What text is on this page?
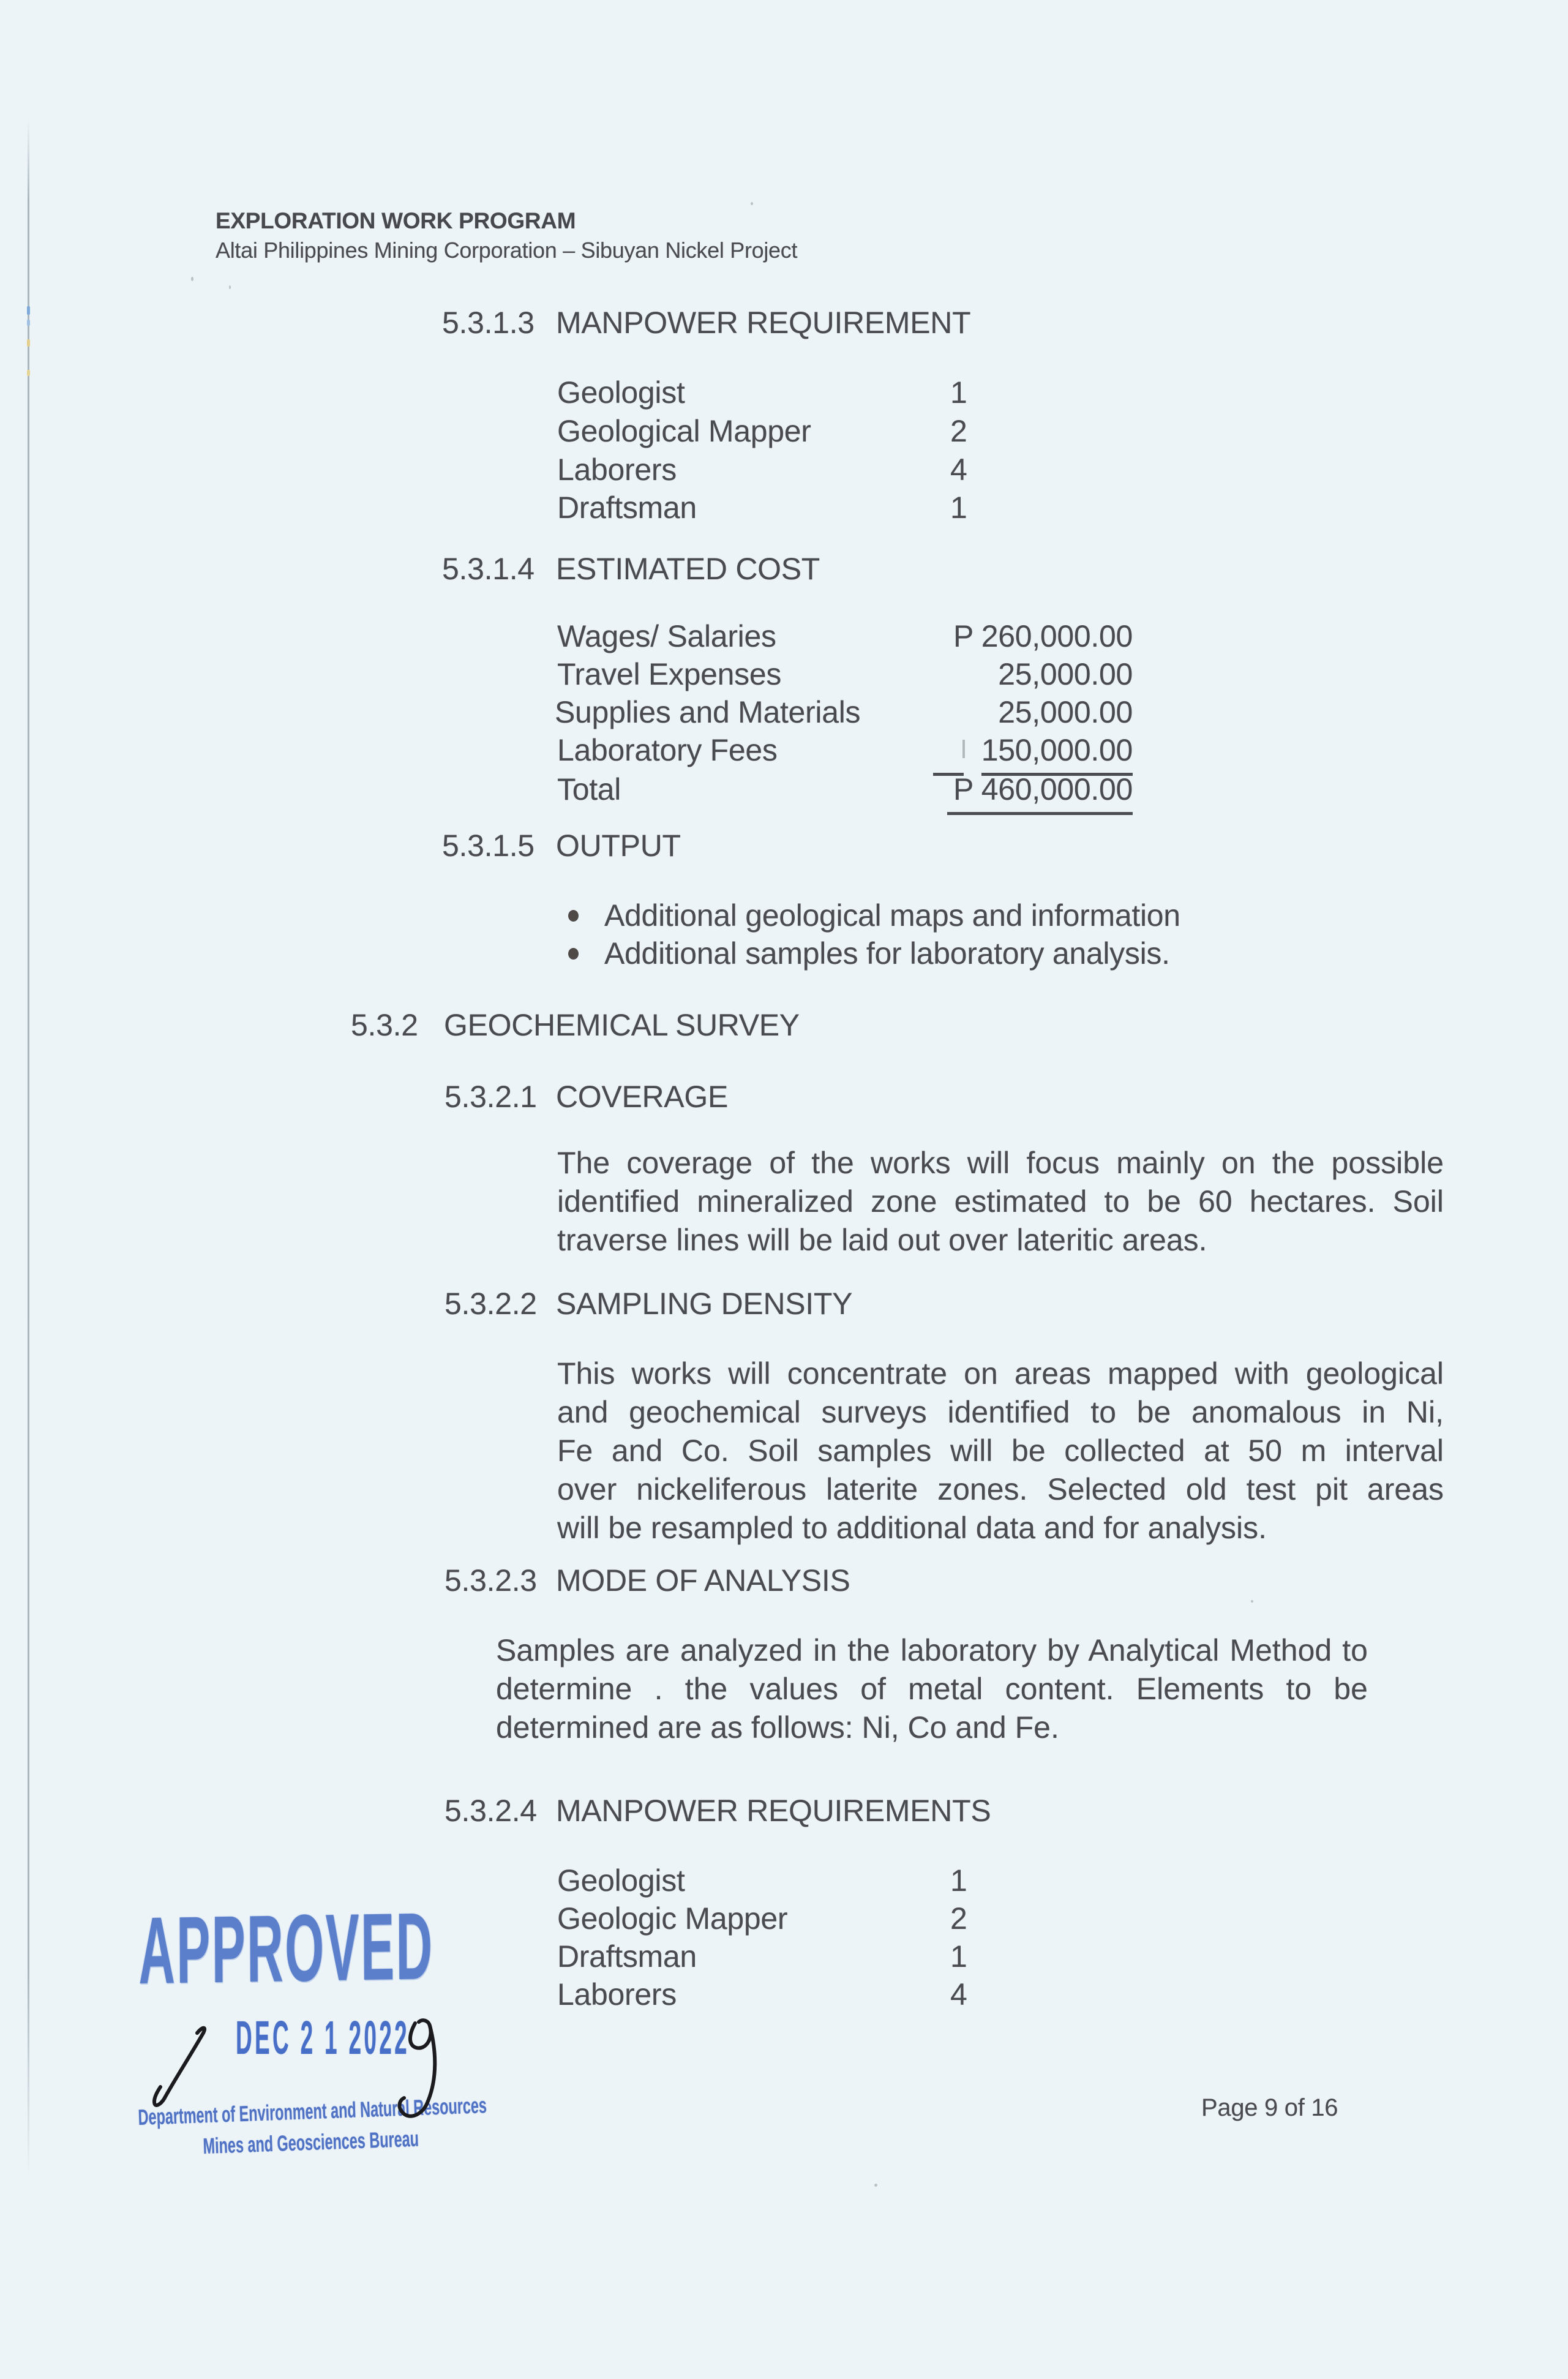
EXPLORATION WORK PROGRAM
Altai Philippines Mining Corporation – Sibuyan Nickel Project
5.3.1.3 MANPOWER REQUIREMENT
Geologist	1
Geological Mapper	2
Laborers	4
Draftsman	1
5.3.1.4 ESTIMATED COST
Wages/ Salaries	P 260,000.00
Travel Expenses	25,000.00
Supplies and Materials	25,000.00
Laboratory Fees	150,000.00
Total	P 460,000.00
5.3.1.5 OUTPUT
Additional geological maps and information
Additional samples for laboratory analysis.
5.3.2 GEOCHEMICAL SURVEY
5.3.2.1 COVERAGE
The coverage of the works will focus mainly on the possible
identified mineralized zone estimated to be 60 hectares. Soil
traverse lines will be laid out over lateritic areas.
5.3.2.2 SAMPLING DENSITY
This works will concentrate on areas mapped with geological
and geochemical surveys identified to be anomalous in Ni,
Fe and Co. Soil samples will be collected at 50 m interval
over nickeliferous laterite zones. Selected old test pit areas
will be resampled to additional data and for analysis.
5.3.2.3 MODE OF ANALYSIS
Samples are analyzed in the laboratory by Analytical Method to
determine . the values of metal content. Elements to be
determined are as follows: Ni, Co and Fe.
5.3.2.4 MANPOWER REQUIREMENTS
Geologist	1
Geologic Mapper	2
Draftsman	1
Laborers	4
APPROVED
DEC 2 1 2022
Department of Environment and Natural Resources
Mines and Geosciences Bureau
Page 9 of 16
